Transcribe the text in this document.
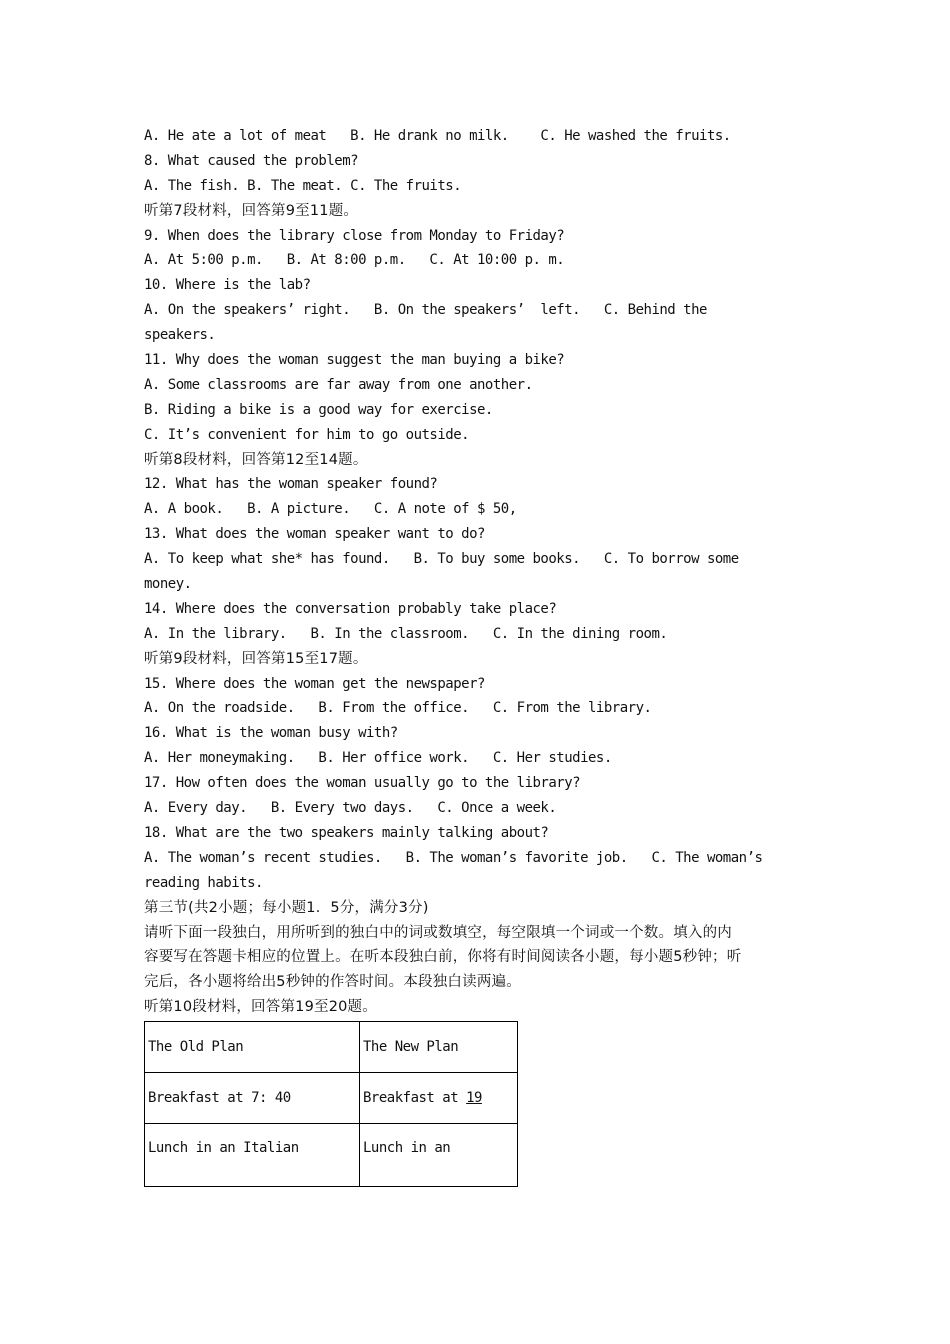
A. He ate a lot of meat   B. He drank no milk.    C. He washed the fruits.
8. What caused the problem?
A. The fish. B. The meat. C. The fruits.
听第7段材料，回答第9至11题。
9. When does the library close from Monday to Friday?
A. At 5:00 p.m.   B. At 8:00 p.m.   C. At 10:00 p. m.
10. Where is the lab?
A. On the speakers’ right.   B. On the speakers’  left.   C. Behind the
speakers.
11. Why does the woman suggest the man buying a bike?
A. Some classrooms are far away from one another.
B. Riding a bike is a good way for exercise.
C. It’s convenient for him to go outside.
听第8段材料，回答第12至14题。
12. What has the woman speaker found?
A. A book.   B. A picture.   C. A note of $ 50,
13. What does the woman speaker want to do?
A. To keep what she* has found.   B. To buy some books.   C. To borrow some
money.
14. Where does the conversation probably take place?
A. In the library.   B. In the classroom.   C. In the dining room.
听第9段材料，回答第15至17题。
15. Where does the woman get the newspaper?
A. On the roadside.   B. From the office.   C. From the library.
16. What is the woman busy with?
A. Her moneymaking.   B. Her office work.   C. Her studies.
17. How often does the woman usually go to the library?
A. Every day.   B. Every two days.   C. Once a week.
18. What are the two speakers mainly talking about?
A. The woman’s recent studies.   B. The woman’s favorite job.   C. The woman’s
reading habits.
第三节(共2小题；每小题1．5分，满分3分)
请听下面一段独白，用所听到的独白中的词或数填空，每空限填一个词或一个数。填入的内
容要写在答题卡相应的位置上。在听本段独白前，你将有时间阅读各小题，每小题5秒钟；听
完后，各小题将给出5秒钟的作答时间。本段独白读两遍。
听第10段材料，回答第19至20题。
The Old Plan	The New Plan
Breakfast at 7: 40	Breakfast at 19
Lunch in an Italian	Lunch in an
